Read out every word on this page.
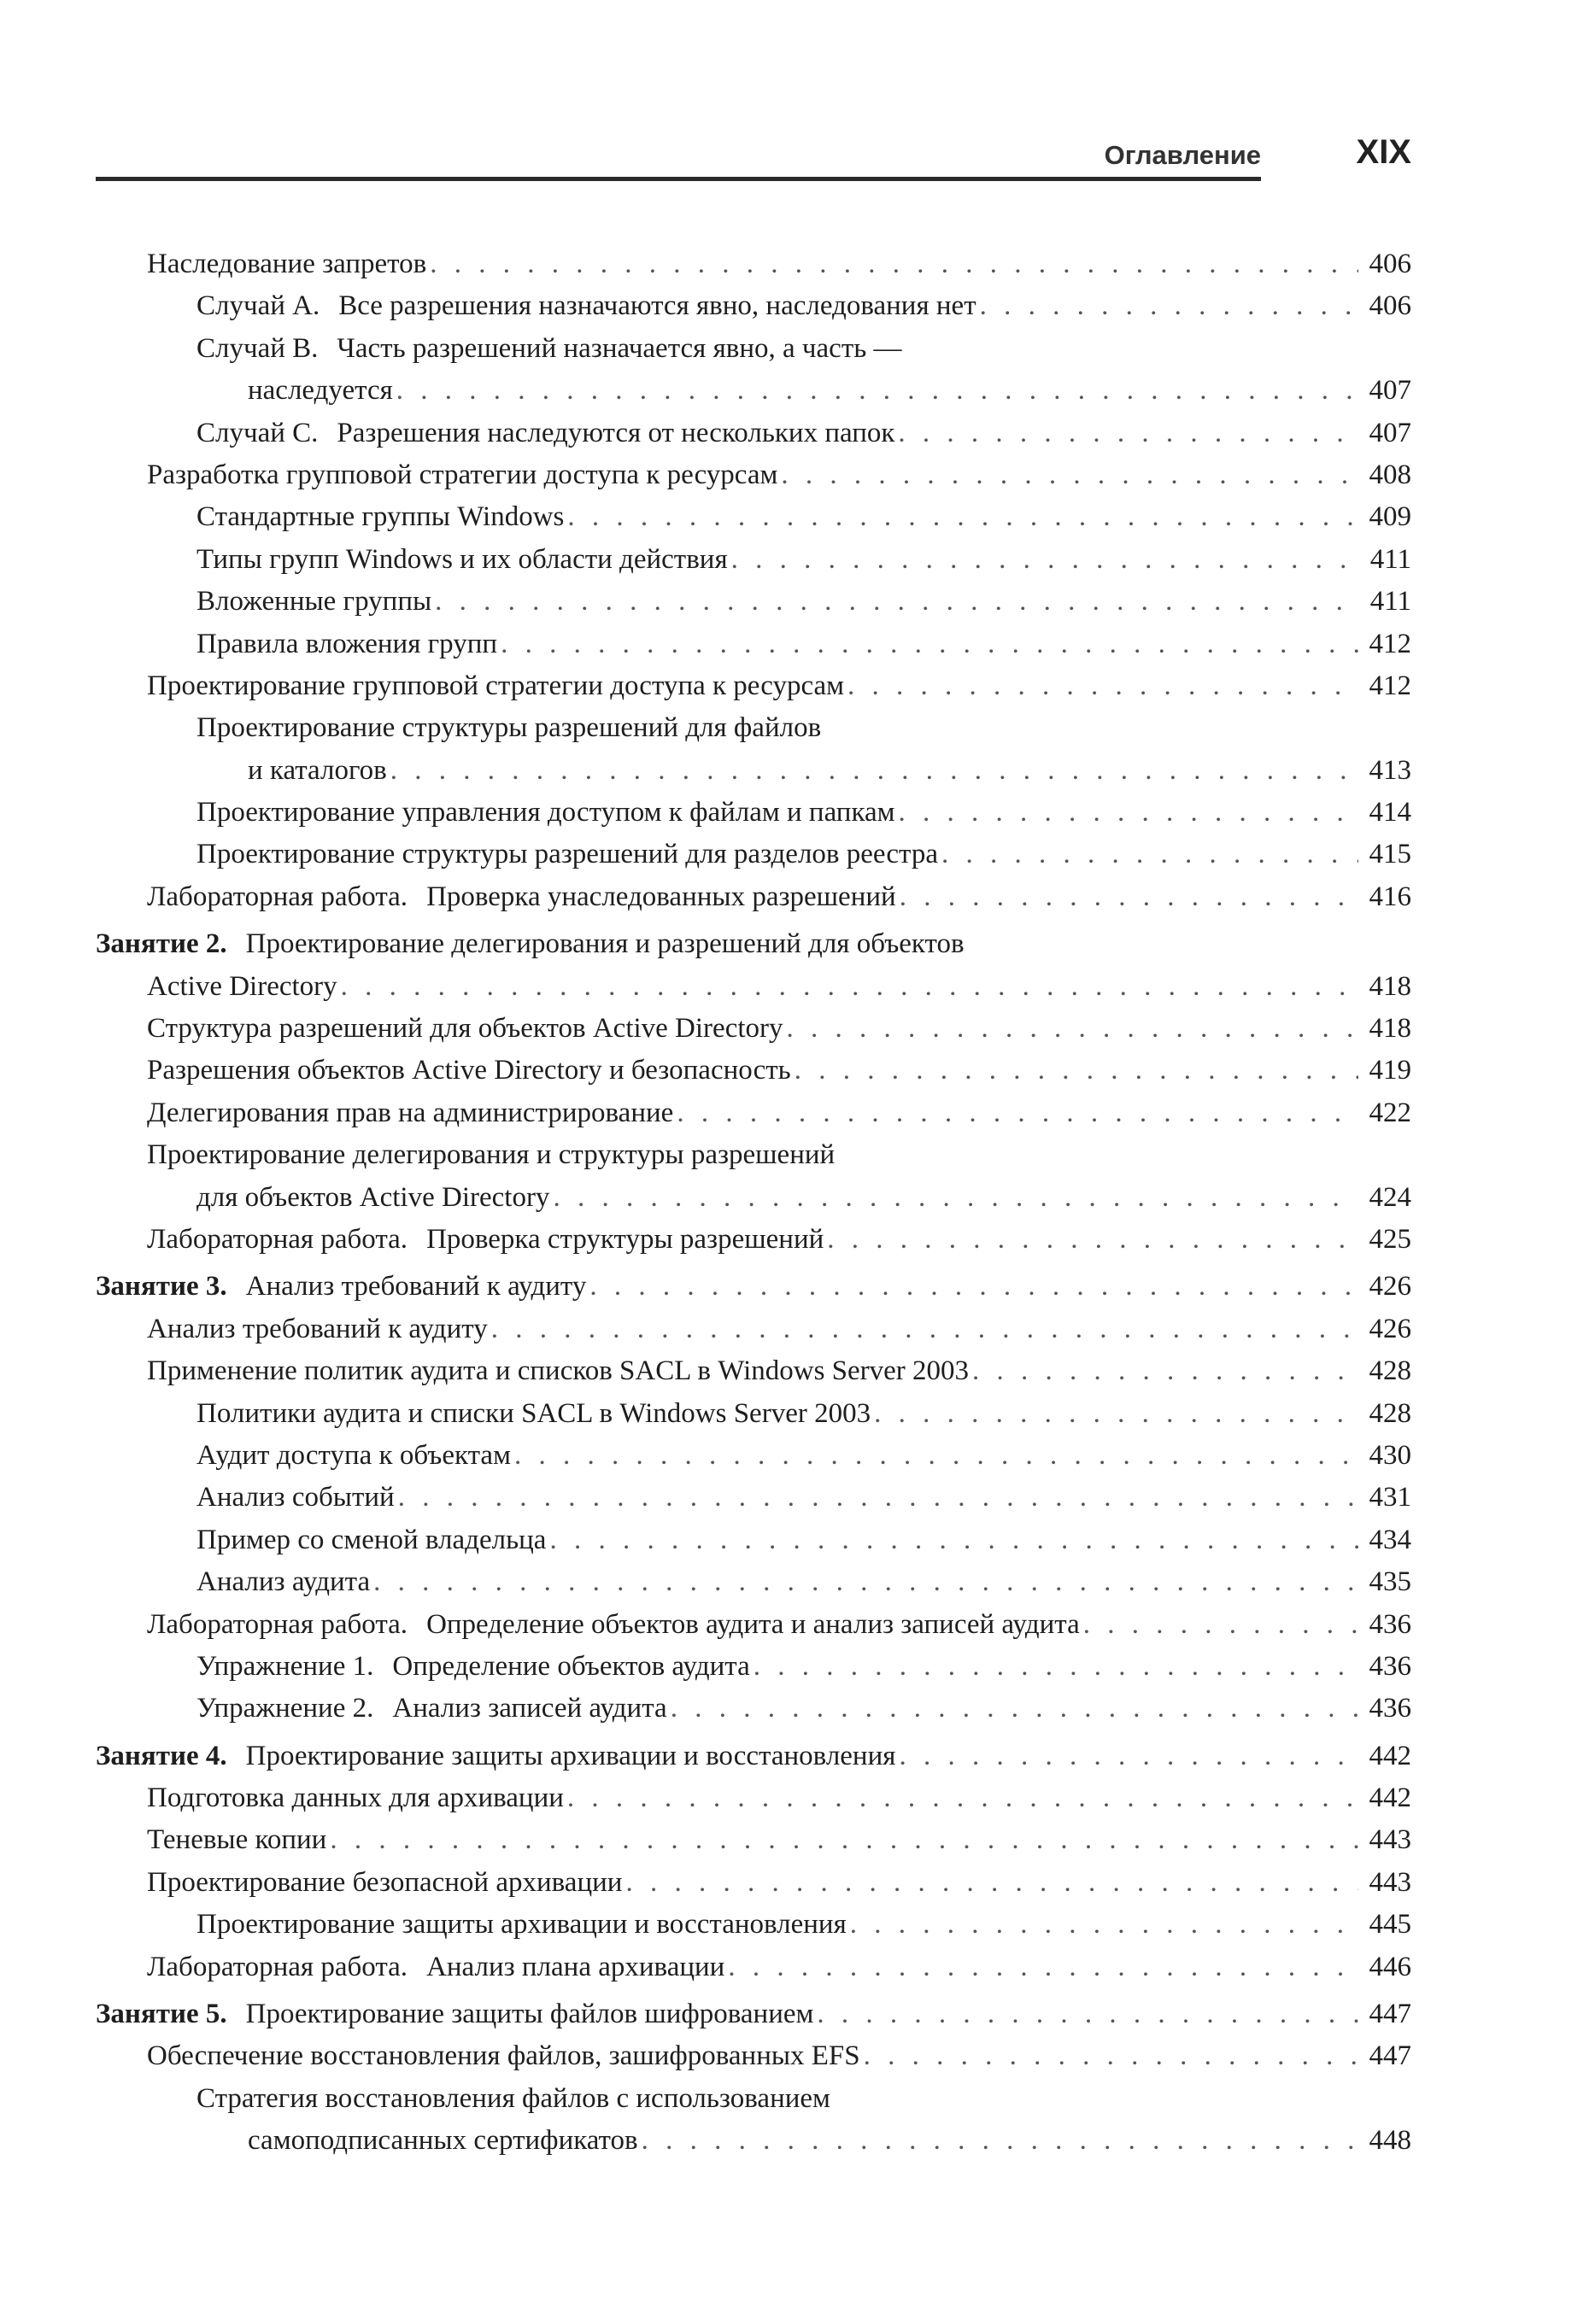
Оглавление	XIX
Наследование запретов . . .	406
Случай A. Все разрешения назначаются явно, наследования нет . . .	406
Случай B. Часть разрешений назначается явно, а часть —
наследуется . . .	407
Случай C. Разрешения наследуются от нескольких папок . . .	407
Разработка групповой стратегии доступа к ресурсам . . .	408
Стандартные группы Windows . . .	409
Типы групп Windows и их области действия . . .	411
Вложенные группы . . .	411
Правила вложения групп . . .	412
Проектирование групповой стратегии доступа к ресурсам . . .	412
Проектирование структуры разрешений для файлов
и каталогов . . .	413
Проектирование управления доступом к файлам и папкам . . .	414
Проектирование структуры разрешений для разделов реестра . . .	415
Лабораторная работа. Проверка унаследованных разрешений . . .	416
Занятие 2. Проектирование делегирования и разрешений для объектов
Active Directory . . .	418
Структура разрешений для объектов Active Directory . . .	418
Разрешения объектов Active Directory и безопасность . . .	419
Делегирования прав на администрирование . . .	422
Проектирование делегирования и структуры разрешений
для объектов Active Directory . . .	424
Лабораторная работа. Проверка структуры разрешений . . .	425
Занятие 3. Анализ требований к аудиту . . .	426
Анализ требований к аудиту . . .	426
Применение политик аудита и списков SACL в Windows Server 2003 . . .	428
Политики аудита и списки SACL в Windows Server 2003 . . .	428
Аудит доступа к объектам . . .	430
Анализ событий . . .	431
Пример со сменой владельца . . .	434
Анализ аудита . . .	435
Лабораторная работа. Определение объектов аудита и анализ записей аудита . . .	436
Упражнение 1. Определение объектов аудита . . .	436
Упражнение 2. Анализ записей аудита . . .	436
Занятие 4. Проектирование защиты архивации и восстановления . . .	442
Подготовка данных для архивации . . .	442
Теневые копии . . .	443
Проектирование безопасной архивации . . .	443
Проектирование защиты архивации и восстановления . . .	445
Лабораторная работа. Анализ плана архивации . . .	446
Занятие 5. Проектирование защиты файлов шифрованием . . .	447
Обеспечение восстановления файлов, зашифрованных EFS . . .	447
Стратегия восстановления файлов с использованием
самоподписанных сертификатов . . .	448
